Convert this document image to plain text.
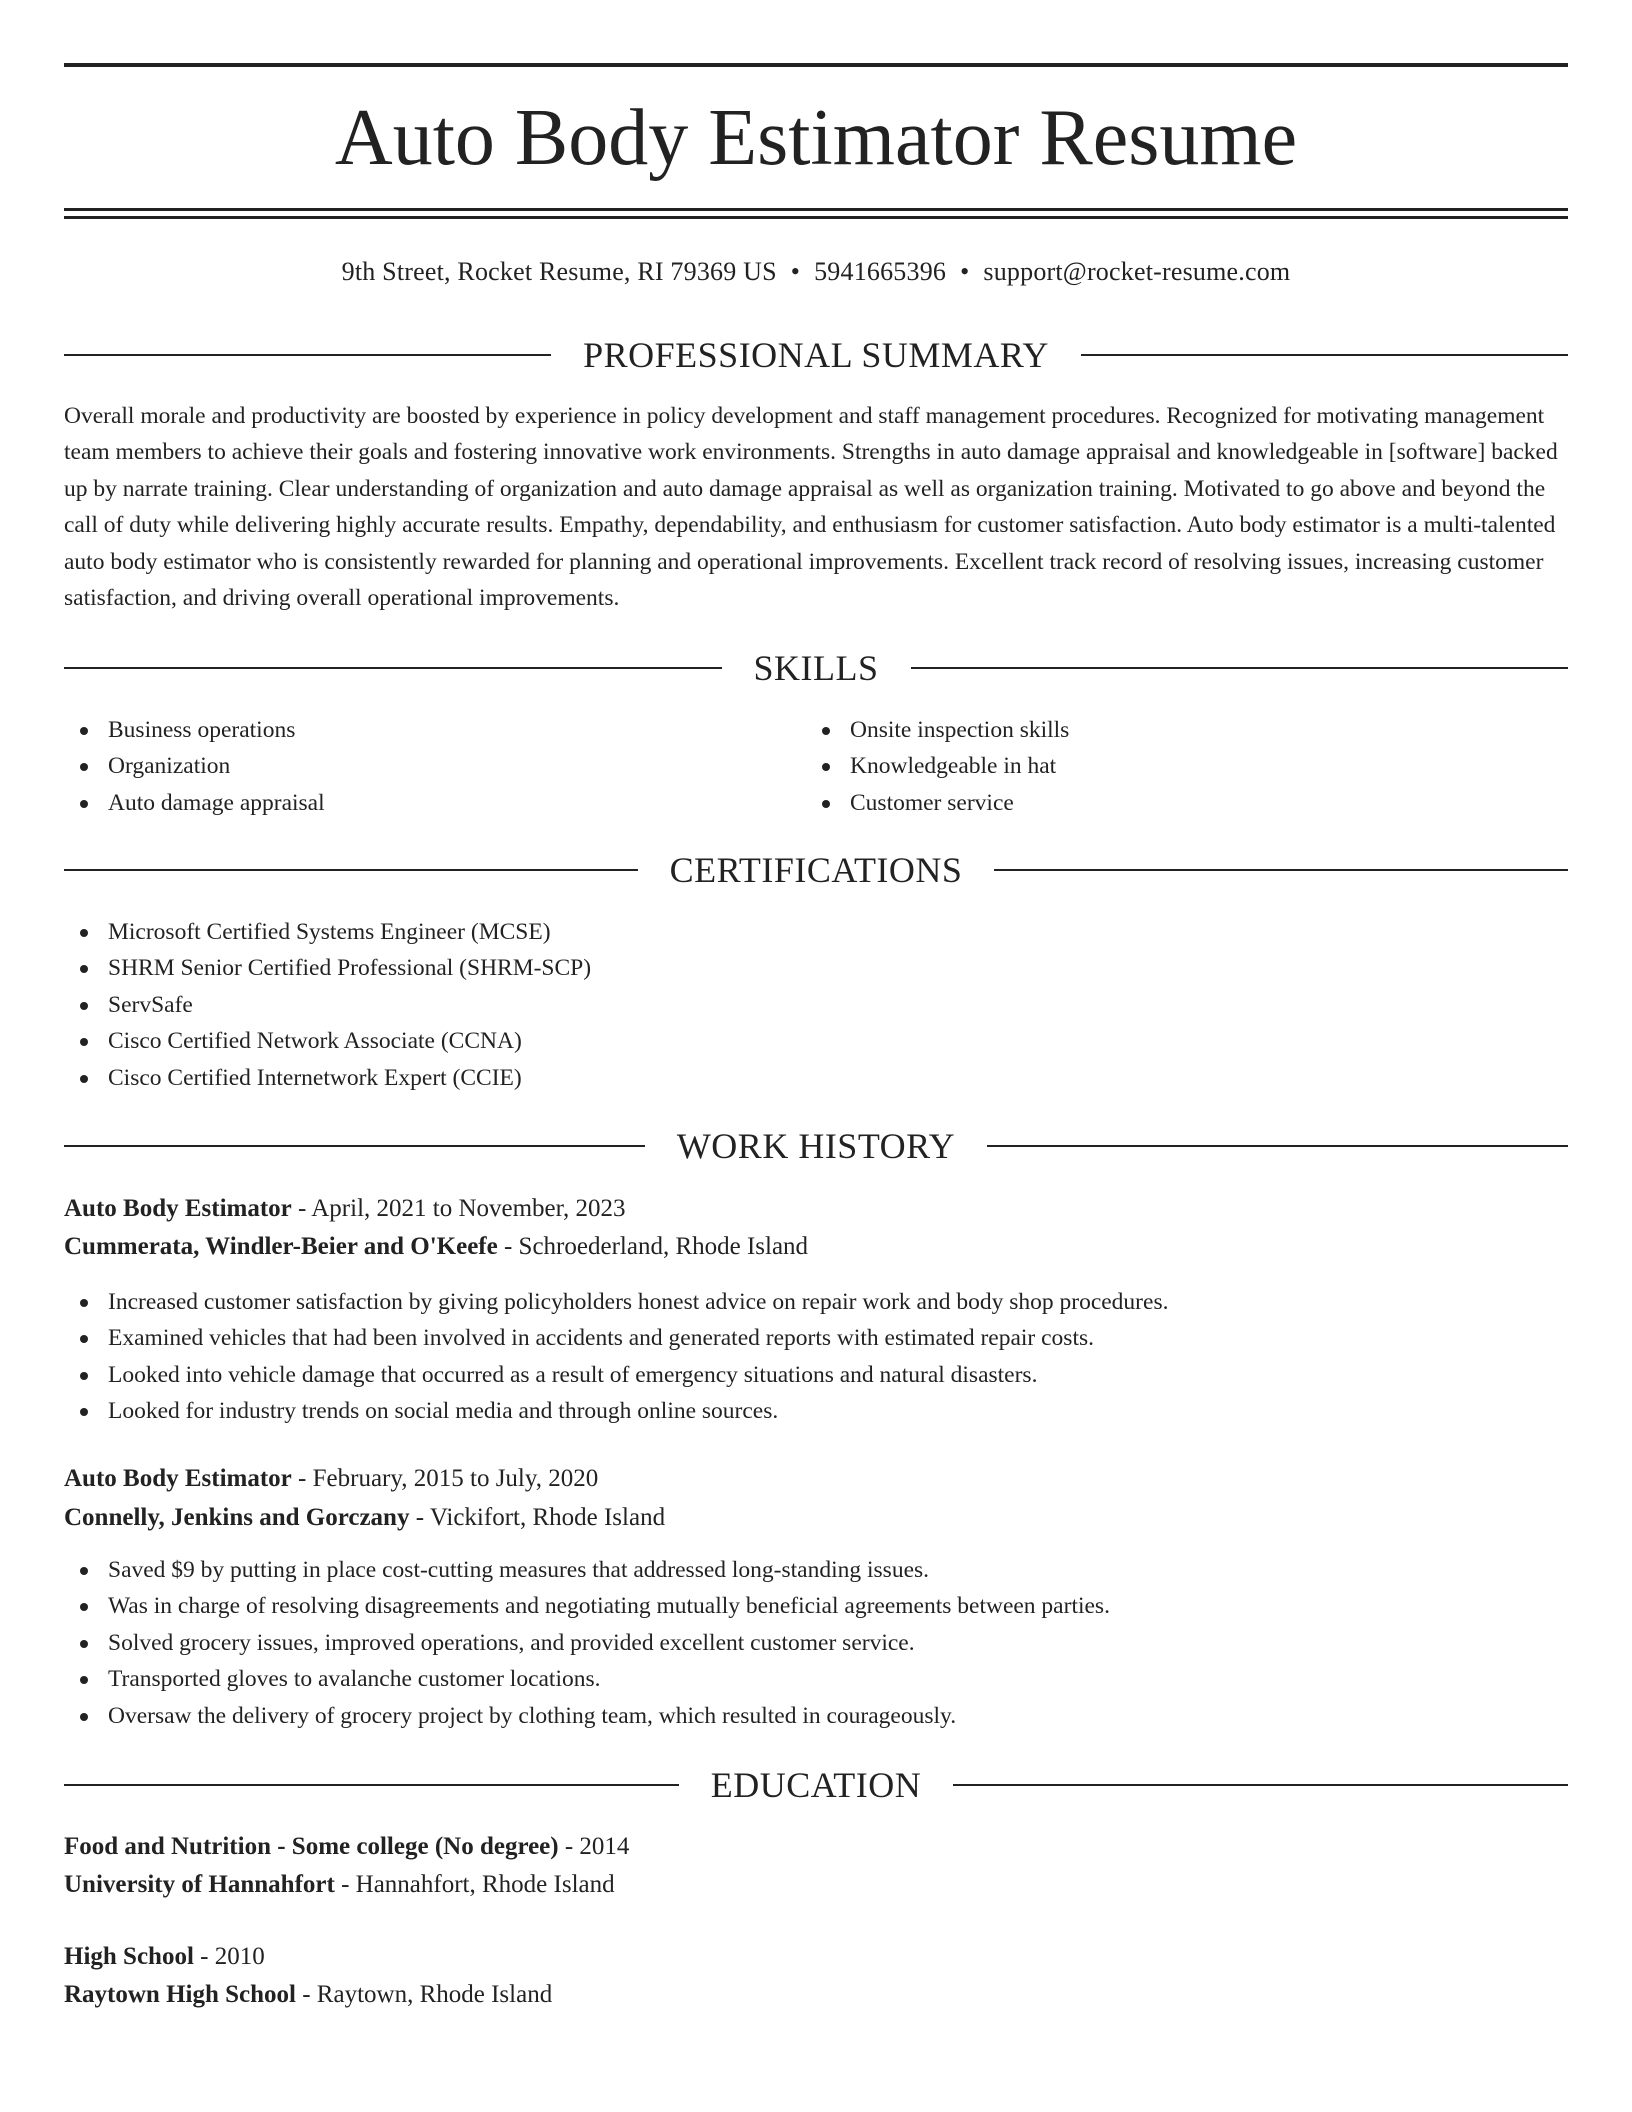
Auto Body Estimator Resume
9th Street, Rocket Resume, RI 79369 US • 5941665396 • support@rocket-resume.com
PROFESSIONAL SUMMARY

Overall morale and productivity are boosted by experience in policy development and staff management procedures. Recognized for motivating management team members to achieve their goals and fostering innovative work environments. Strengths in auto damage appraisal and knowledgeable in [software] backed up by narrate training. Clear understanding of organization and auto damage appraisal as well as organization training. Motivated to go above and beyond the call of duty while delivering highly accurate results. Empathy, dependability, and enthusiasm for customer satisfaction. Auto body estimator is a multi-talented auto body estimator who is consistently rewarded for planning and operational improvements. Excellent track record of resolving issues, increasing customer satisfaction, and driving overall operational improvements.

SKILLS
Business operations
Organization
Auto damage appraisal
Onsite inspection skills
Knowledgeable in hat
Customer service
CERTIFICATIONS
Microsoft Certified Systems Engineer (MCSE)
SHRM Senior Certified Professional (SHRM-SCP)
ServSafe
Cisco Certified Network Associate (CCNA)
Cisco Certified Internetwork Expert (CCIE)
WORK HISTORY
Auto Body Estimator - April, 2021 to November, 2023
Cummerata, Windler-Beier and O'Keefe - Schroederland, Rhode Island
Increased customer satisfaction by giving policyholders honest advice on repair work and body shop procedures.
Examined vehicles that had been involved in accidents and generated reports with estimated repair costs.
Looked into vehicle damage that occurred as a result of emergency situations and natural disasters.
Looked for industry trends on social media and through online sources.
Auto Body Estimator - February, 2015 to July, 2020
Connelly, Jenkins and Gorczany - Vickifort, Rhode Island
Saved $9 by putting in place cost-cutting measures that addressed long-standing issues.
Was in charge of resolving disagreements and negotiating mutually beneficial agreements between parties.
Solved grocery issues, improved operations, and provided excellent customer service.
Transported gloves to avalanche customer locations.
Oversaw the delivery of grocery project by clothing team, which resulted in courageously.
EDUCATION
Food and Nutrition - Some college (No degree) - 2014
University of Hannahfort - Hannahfort, Rhode Island
High School - 2010
Raytown High School - Raytown, Rhode Island
